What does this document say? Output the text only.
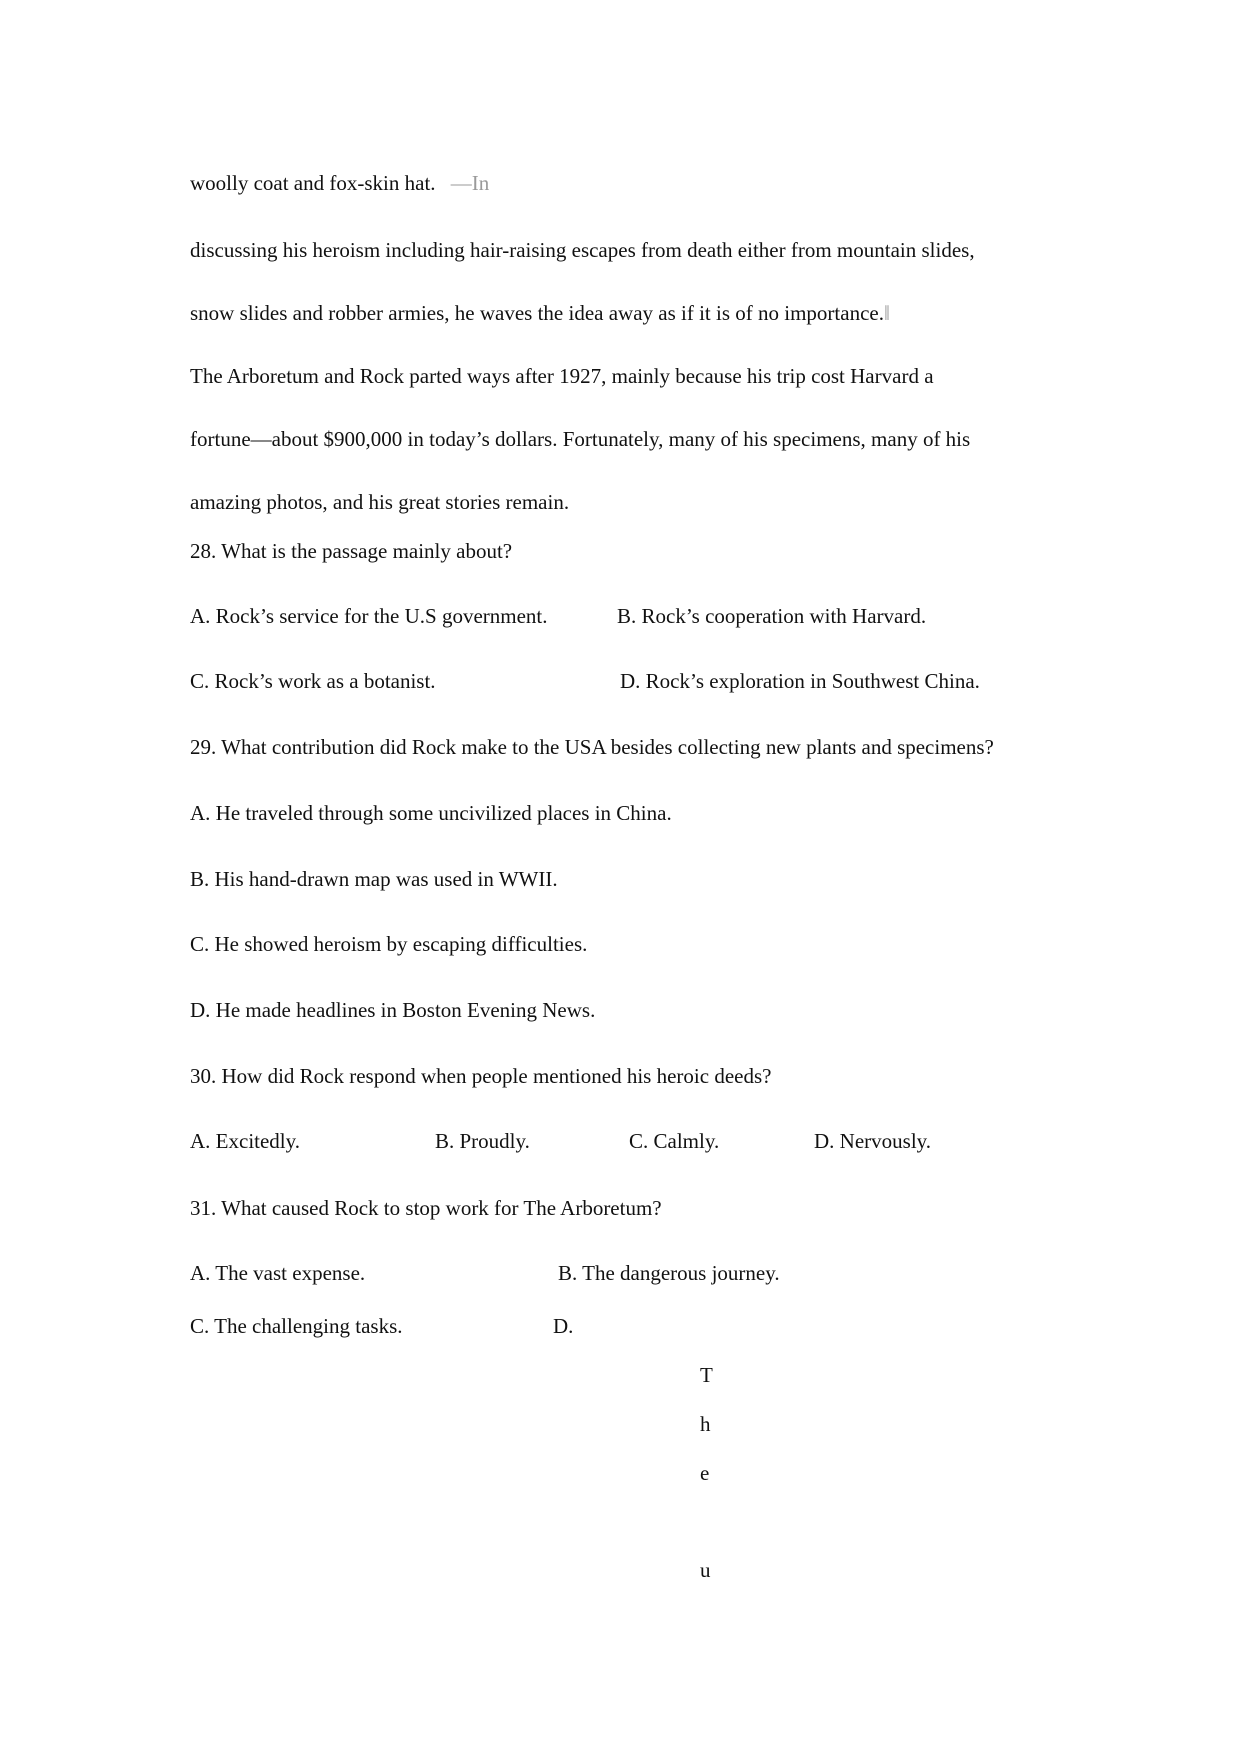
woolly coat and fox-skin hat. —In
discussing his heroism including hair-raising escapes from death either from mountain slides,
snow slides and robber armies, he waves the idea away as if it is of no importance.‖
The Arboretum and Rock parted ways after 1927, mainly because his trip cost Harvard a
fortune—about $900,000 in today’s dollars. Fortunately, many of his specimens, many of his
amazing photos, and his great stories remain.
28. What is the passage mainly about?
A. Rock’s service for the U.S government.	B. Rock’s cooperation with Harvard.
C. Rock’s work as a botanist.	D. Rock’s exploration in Southwest China.
29. What contribution did Rock make to the USA besides collecting new plants and specimens?
A. He traveled through some uncivilized places in China.
B. His hand-drawn map was used in WWII.
C. He showed heroism by escaping difficulties.
D. He made headlines in Boston Evening News.
30. How did Rock respond when people mentioned his heroic deeds?
A. Excitedly.	B. Proudly.	C. Calmly.	D. Nervously.
31. What caused Rock to stop work for The Arboretum?
A. The vast expense.	B. The dangerous journey.
C. The challenging tasks.	D.
T
h
e
u
